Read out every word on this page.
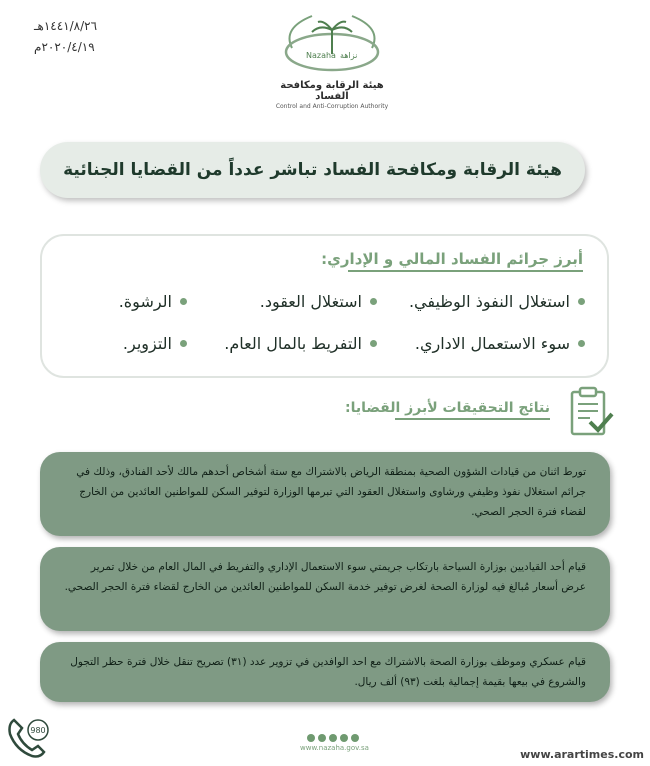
١٤٤١/٨/٢٦هـ
٢٠٢٠/٤/١٩م
Nazaha نزاهة
هيئة الرقابة ومكافحة الفساد
Control and Anti-Corruption Authority
هيئة الرقابة ومكافحة الفساد تباشر عدداً من القضايا الجنائية
أبرز جرائم الفساد المالي و الإداري:
استغلال النفوذ الوظيفي.
استغلال العقود.
الرشوة.
سوء الاستعمال الاداري.
التفريط بالمال العام.
التزوير.
نتائج التحقيقات لأبرز القضايا:
تورط اثنان من قيادات الشؤون الصحية بمنطقة الرياض بالاشتراك مع ستة أشخاص أحدهم مالك لأحد الفنادق، وذلك في جرائم استغلال نفوذ وظيفي ورشاوى واستغلال العقود التي تبرمها الوزارة لتوفير السكن للمواطنين العائدين من الخارج لقضاء فترة الحجر الصحي.
قيام أحد القياديين بوزارة السياحة بارتكاب جريمتي سوء الاستعمال الإداري والتفريط في المال العام من خلال تمرير عرض أسعار مُبالغ فيه لوزارة الصحة لغرض توفير خدمة السكن للمواطنين العائدين من الخارج لقضاء فترة الحجر الصحي.
قيام عسكري وموظف بوزارة الصحة بالاشتراك مع احد الوافدين في تزوير عدد (٣١) تصريح تنقل خلال فترة حظر التجول والشروع في بيعها بقيمة إجمالية بلغت (٩٣) ألف ريال.
980
www.nazaha.gov.sa	www.arartimes.com
